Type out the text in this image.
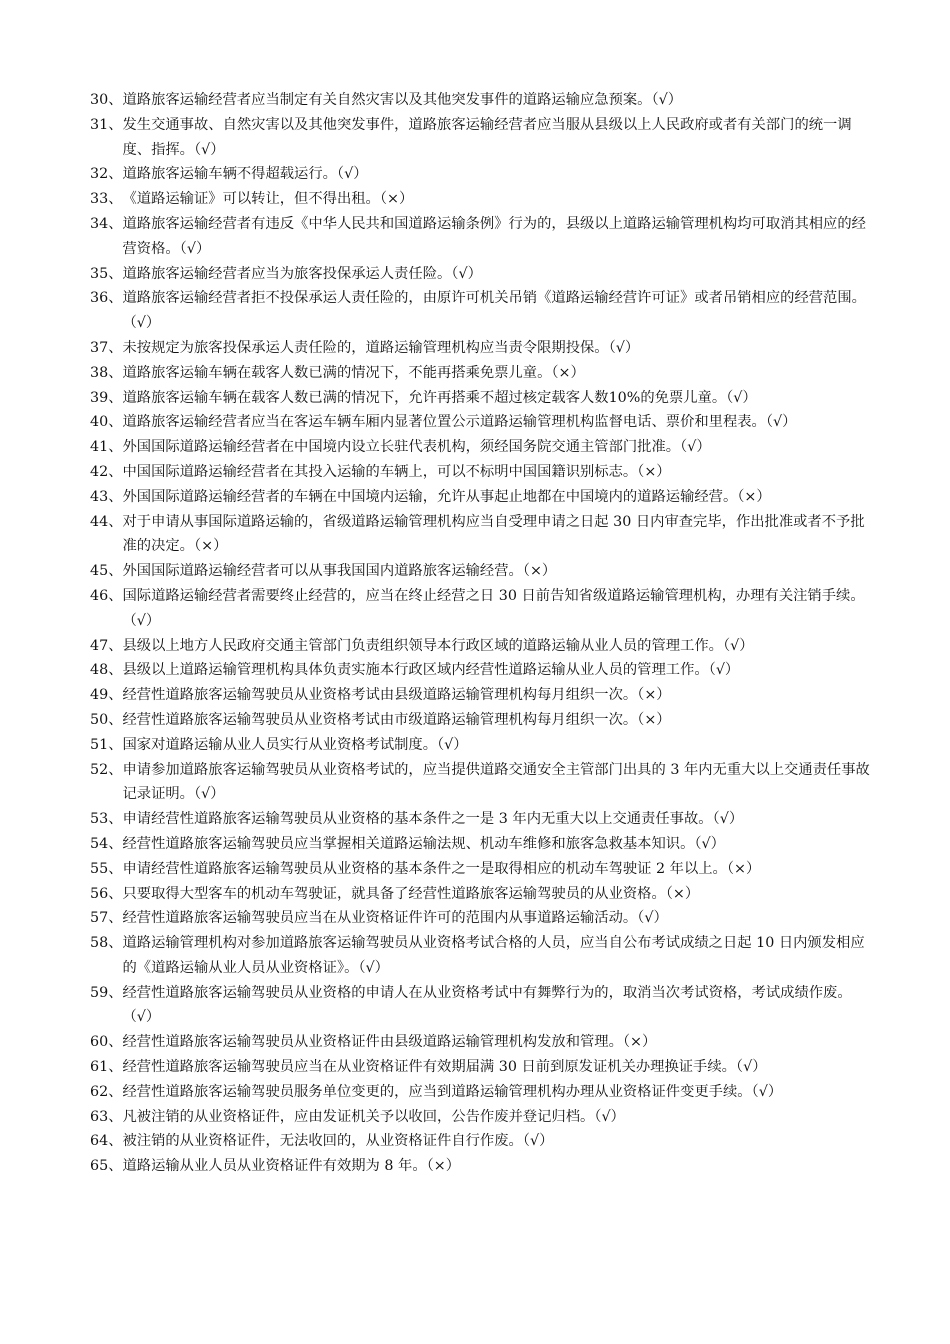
30、 道路旅客运输经营者应当制定有关自然灾害以及其他突发事件的道路运输应急预案。（√）
31、 发生交通事故、自然灾害以及其他突发事件，道路旅客运输经营者应当服从县级以上人民政府或者有关部门的统一调度、指挥。（√）
32、 道路旅客运输车辆不得超载运行。（√）
33、 《道路运输证》可以转让，但不得出租。（×）
34、 道路旅客运输经营者有违反《中华人民共和国道路运输条例》行为的，县级以上道路运输管理机构均可取消其相应的经营资格。（√）
35、 道路旅客运输经营者应当为旅客投保承运人责任险。（√）
36、 道路旅客运输经营者拒不投保承运人责任险的，由原许可机关吊销《道路运输经营许可证》或者吊销相应的经营范围。（√）
37、 未按规定为旅客投保承运人责任险的，道路运输管理机构应当责令限期投保。（√）
38、 道路旅客运输车辆在载客人数已满的情况下，不能再搭乘免票儿童。（×）
39、 道路旅客运输车辆在载客人数已满的情况下，允许再搭乘不超过核定载客人数10%的免票儿童。（√）
40、 道路旅客运输经营者应当在客运车辆车厢内显著位置公示道路运输管理机构监督电话、票价和里程表。（√）
41、 外国国际道路运输经营者在中国境内设立长驻代表机构，须经国务院交通主管部门批准。（√）
42、 中国国际道路运输经营者在其投入运输的车辆上，可以不标明中国国籍识别标志。（×）
43、 外国国际道路运输经营者的车辆在中国境内运输，允许从事起止地都在中国境内的道路运输经营。（×）
44、 对于申请从事国际道路运输的，省级道路运输管理机构应当自受理申请之日起 30 日内审查完毕，作出批准或者不予批准的决定。（×）
45、 外国国际道路运输经营者可以从事我国国内道路旅客运输经营。（×）
46、 国际道路运输经营者需要终止经营的，应当在终止经营之日 30 日前告知省级道路运输管理机构，办理有关注销手续。（√）
47、 县级以上地方人民政府交通主管部门负责组织领导本行政区域的道路运输从业人员的管理工作。（√）
48、 县级以上道路运输管理机构具体负责实施本行政区域内经营性道路运输从业人员的管理工作。（√）
49、 经营性道路旅客运输驾驶员从业资格考试由县级道路运输管理机构每月组织一次。（×）
50、 经营性道路旅客运输驾驶员从业资格考试由市级道路运输管理机构每月组织一次。（×）
51、 国家对道路运输从业人员实行从业资格考试制度。（√）
52、 申请参加道路旅客运输驾驶员从业资格考试的，应当提供道路交通安全主管部门出具的 3 年内无重大以上交通责任事故记录证明。（√）
53、 申请经营性道路旅客运输驾驶员从业资格的基本条件之一是 3 年内无重大以上交通责任事故。（√）
54、 经营性道路旅客运输驾驶员应当掌握相关道路运输法规、机动车维修和旅客急救基本知识。（√）
55、 申请经营性道路旅客运输驾驶员从业资格的基本条件之一是取得相应的机动车驾驶证 2 年以上。（×）
56、 只要取得大型客车的机动车驾驶证，就具备了经营性道路旅客运输驾驶员的从业资格。（×）
57、 经营性道路旅客运输驾驶员应当在从业资格证件许可的范围内从事道路运输活动。（√）
58、 道路运输管理机构对参加道路旅客运输驾驶员从业资格考试合格的人员，应当自公布考试成绩之日起 10 日内颁发相应的《道路运输从业人员从业资格证》。（√）
59、 经营性道路旅客运输驾驶员从业资格的申请人在从业资格考试中有舞弊行为的，取消当次考试资格，考试成绩作废。（√）
60、 经营性道路旅客运输驾驶员从业资格证件由县级道路运输管理机构发放和管理。（×）
61、 经营性道路旅客运输驾驶员应当在从业资格证件有效期届满 30 日前到原发证机关办理换证手续。（√）
62、 经营性道路旅客运输驾驶员服务单位变更的，应当到道路运输管理机构办理从业资格证件变更手续。（√）
63、 凡被注销的从业资格证件，应由发证机关予以收回，公告作废并登记归档。（√）
64、 被注销的从业资格证件，无法收回的，从业资格证件自行作废。（√）
65、 道路运输从业人员从业资格证件有效期为 8 年。（×）
